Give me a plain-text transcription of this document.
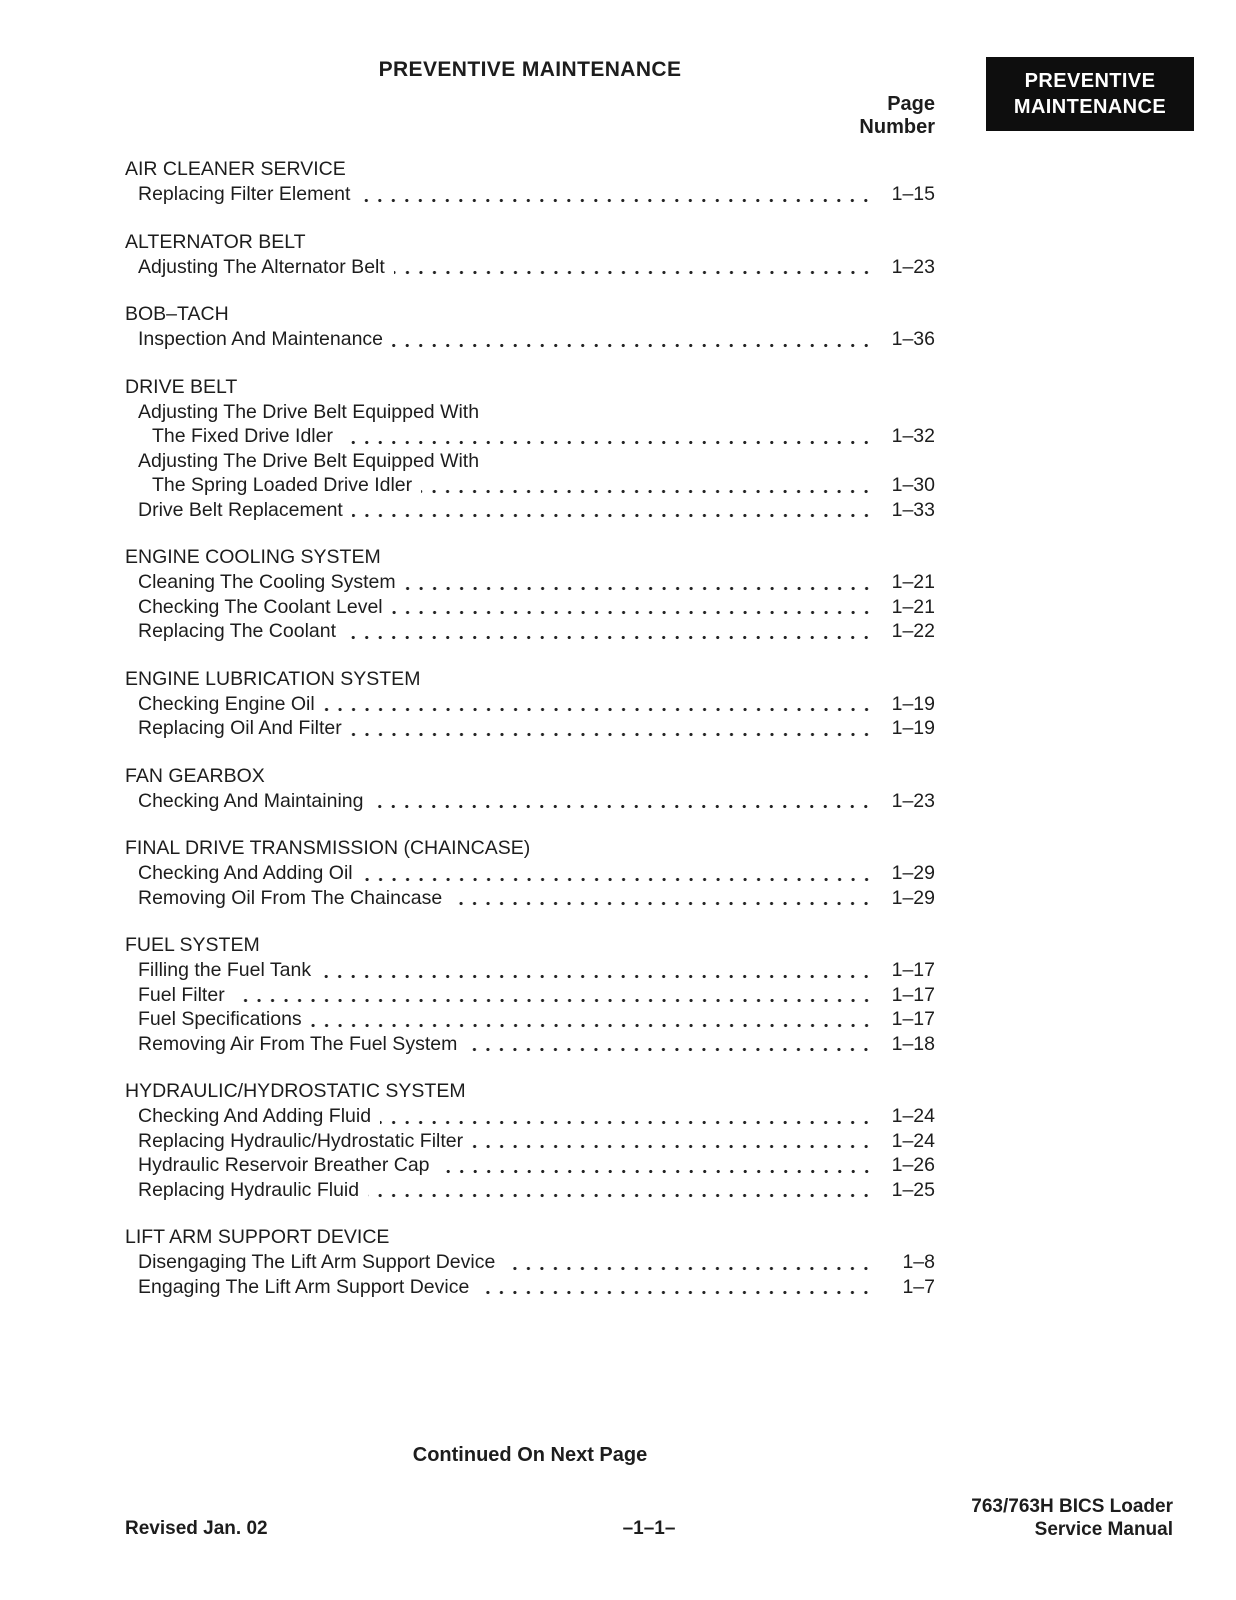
PREVENTIVE MAINTENANCE	PREVENTIVE
MAINTENANCE
Page
Number
AIR CLEANER SERVICE
Replacing Filter Element	1–15
ALTERNATOR BELT
Adjusting The Alternator Belt	1–23
BOB–TACH
Inspection And Maintenance	1–36
DRIVE BELT
Adjusting The Drive Belt Equipped With
The Fixed Drive Idler	1–32
Adjusting The Drive Belt Equipped With
The Spring Loaded Drive Idler	1–30
Drive Belt Replacement	1–33
ENGINE COOLING SYSTEM
Cleaning The Cooling System	1–21
Checking The Coolant Level	1–21
Replacing The Coolant	1–22
ENGINE LUBRICATION SYSTEM
Checking Engine Oil	1–19
Replacing Oil And Filter	1–19
FAN GEARBOX
Checking And Maintaining	1–23
FINAL DRIVE TRANSMISSION (CHAINCASE)
Checking And Adding Oil	1–29
Removing Oil From The Chaincase	1–29
FUEL SYSTEM
Filling the Fuel Tank	1–17
Fuel Filter	1–17
Fuel Specifications	1–17
Removing Air From The Fuel System	1–18
HYDRAULIC/HYDROSTATIC SYSTEM
Checking And Adding Fluid	1–24
Replacing Hydraulic/Hydrostatic Filter	1–24
Hydraulic Reservoir Breather Cap	1–26
Replacing Hydraulic Fluid	1–25
LIFT ARM SUPPORT DEVICE
Disengaging The Lift Arm Support Device	1–8
Engaging The Lift Arm Support Device	1–7
Continued On Next Page
Revised Jan. 02	–1–1–
763/763H BICS Loader
Service Manual
